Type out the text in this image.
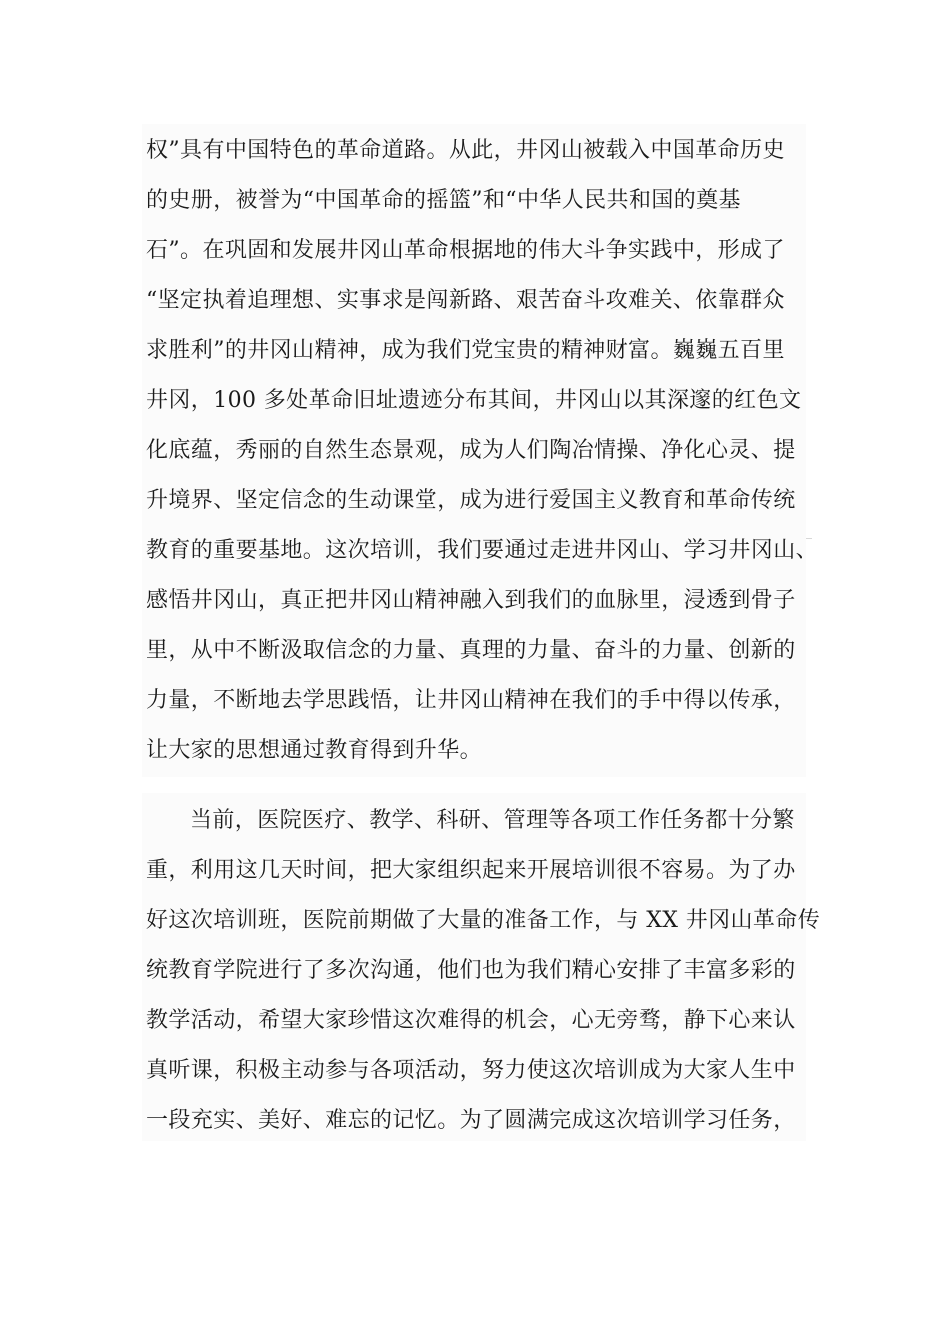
权”具有中国特色的革命道路。从此，井冈山被载入中国革命历史
的史册，被誉为“中国革命的摇篮”和“中华人民共和国的奠基
石”。在巩固和发展井冈山革命根据地的伟大斗争实践中，形成了
“坚定执着追理想、实事求是闯新路、艰苦奋斗攻难关、依靠群众
求胜利”的井冈山精神，成为我们党宝贵的精神财富。巍巍五百里
井冈，100 多处革命旧址遗迹分布其间，井冈山以其深邃的红色文
化底蕴，秀丽的自然生态景观，成为人们陶冶情操、净化心灵、提
升境界、坚定信念的生动课堂，成为进行爱国主义教育和革命传统
教育的重要基地。这次培训，我们要通过走进井冈山、学习井冈山、
感悟井冈山，真正把井冈山精神融入到我们的血脉里，浸透到骨子
里，从中不断汲取信念的力量、真理的力量、奋斗的力量、创新的
力量，不断地去学思践悟，让井冈山精神在我们的手中得以传承，
让大家的思想通过教育得到升华。
当前，医院医疗、教学、科研、管理等各项工作任务都十分繁
重，利用这几天时间，把大家组织起来开展培训很不容易。为了办
好这次培训班，医院前期做了大量的准备工作，与 XX 井冈山革命传
统教育学院进行了多次沟通，他们也为我们精心安排了丰富多彩的
教学活动，希望大家珍惜这次难得的机会，心无旁骛，静下心来认
真听课，积极主动参与各项活动，努力使这次培训成为大家人生中
一段充实、美好、难忘的记忆。为了圆满完成这次培训学习任务，
